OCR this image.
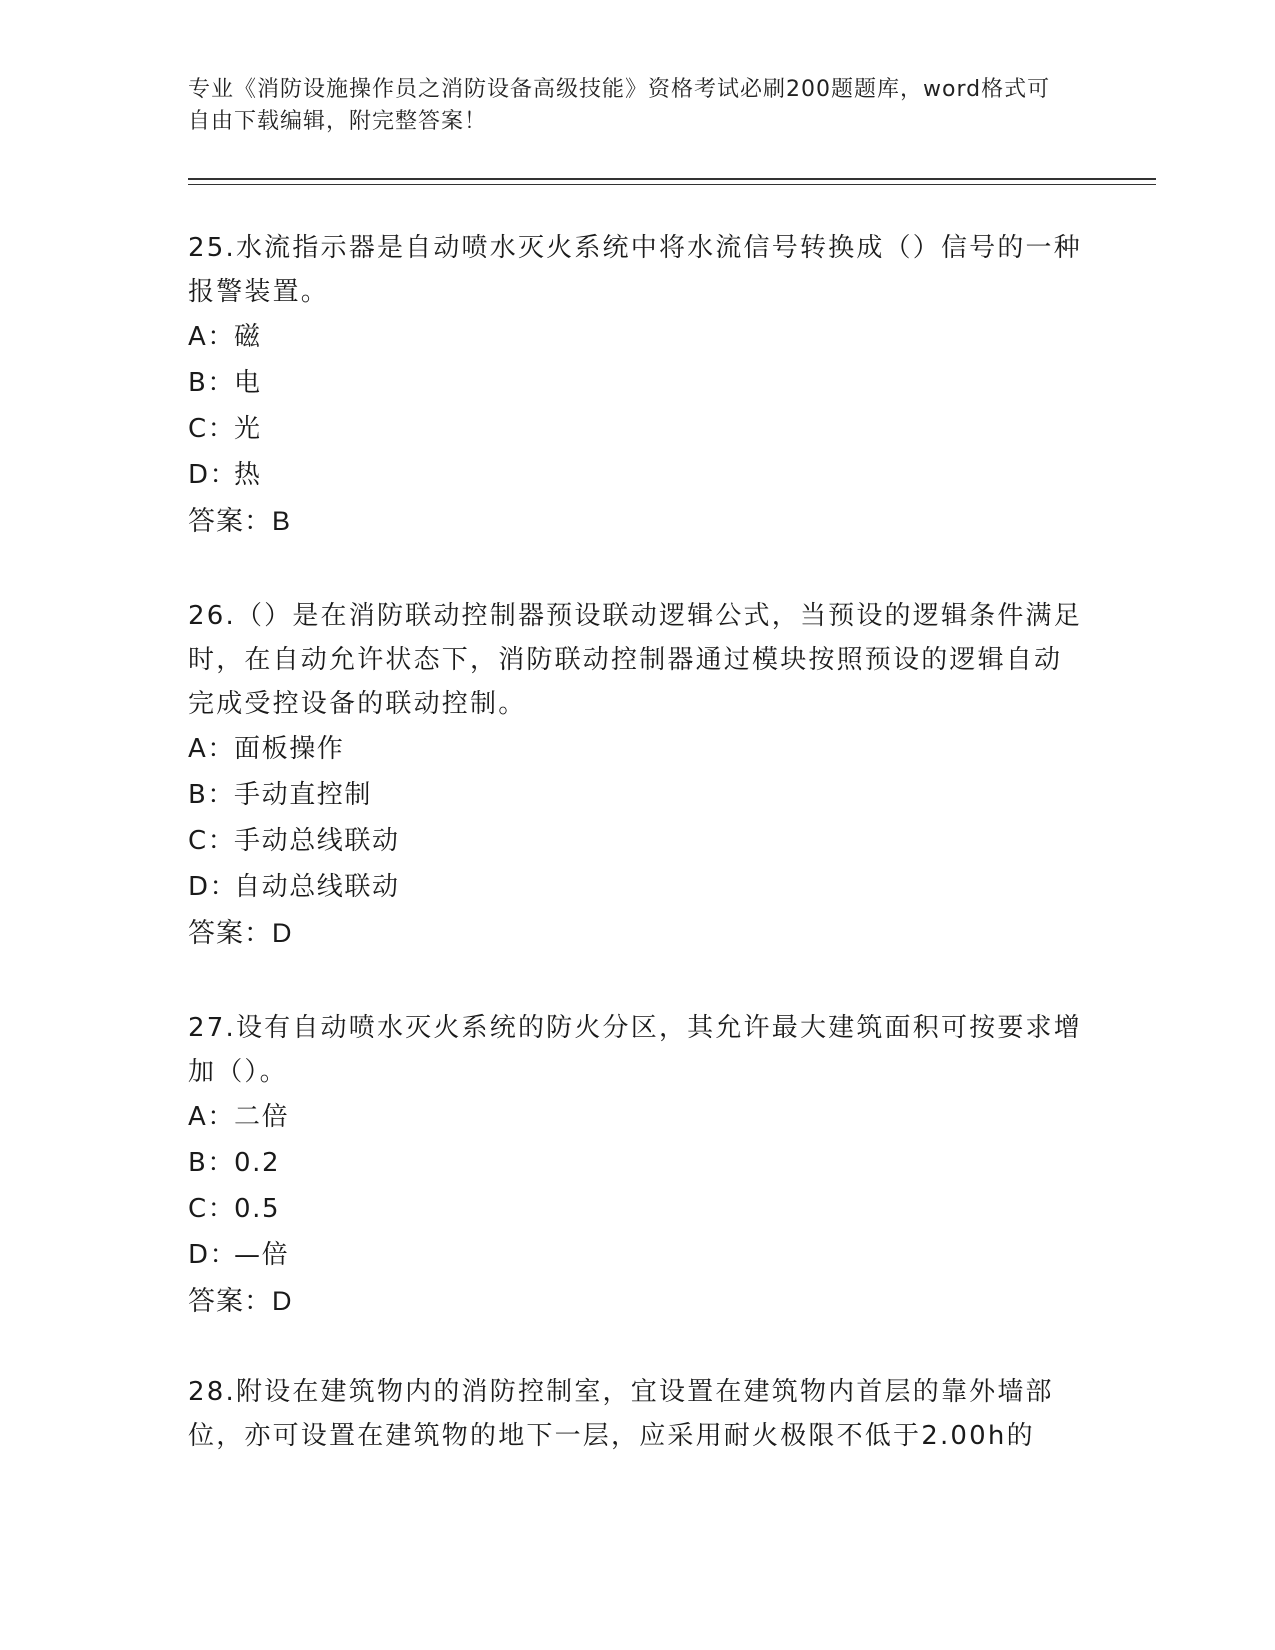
专业《消防设施操作员之消防设备高级技能》资格考试必刷200题题库，word格式可自由下载编辑，附完整答案！

25.水流指示器是自动喷水灭火系统中将水流信号转换成（）信号的一种报警装置。

A：磁

B：电

C：光

D：热

答案：B

26.（）是在消防联动控制器预设联动逻辑公式，当预设的逻辑条件满足时，在自动允许状态下，消防联动控制器通过模块按照预设的逻辑自动完成受控设备的联动控制。

A：面板操作

B：手动直控制

C：手动总线联动

D：自动总线联动

答案：D

27.设有自动喷水灭火系统的防火分区，其允许最大建筑面积可按要求增加（）。

A：二倍

B：0.2

C：0.5

D：—倍

答案：D

28.附设在建筑物内的消防控制室，宜设置在建筑物内首层的靠外墙部位，亦可设置在建筑物的地下一层，应采用耐火极限不低于2.00h的
